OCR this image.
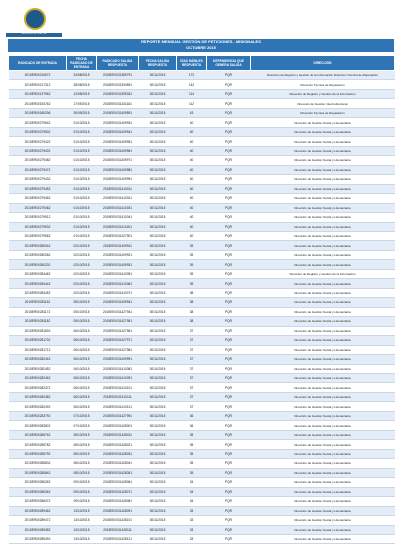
MINISTERIO DE JUSTICIA
REPORTE MENSUAL GESTIÓN DE PETICIONES - MISIONALES
OCTUBRE 2015
RADICADO DE ENTRADA	FECHA RADICADO DE ENTRADA	RADICADO SALIDA RESPUESTA	FECHA SALIDA RESPUESTA	DÍAS HÁBILES RESPUESTA	DEPENDENCIA QUE GENERA SALIDA	DIRECCIÓN
2015ER00215572	24/08/2015	2015EE0031389791	30/11/2015	172	PQR	Dirección de Registro y Gestión de la Información Dirección Técnica de Reparación
2015ER00217312	28/08/2015	2015EE0031394591	30/11/2015	142	PQR	Dirección Técnica de Reparación
2015ER00137962	12/08/2015	2015EE0031395331	30/11/2015	114	PQR	Dirección de Registro y Gestión de la Información
2015ER00154762	17/09/2015	2015EE0031341181	30/11/2015	112	PQR	Dirección de Gestión Interinstitucional
2015ER00180296	30/09/2015	2015EE0031409591	30/11/2015	43	PQR	Dirección Técnica de Reparación
2015ER00279542	01/10/2015	2015EE0031409931	30/11/2015	40	PQR	Dirección de Gestión Social y Humanitaria
2015ER00279502	01/10/2015	2015EE0031409941	30/11/2015	40	PQR	Dirección de Gestión Social y Humanitaria
2015ER00279422	01/10/2015	2015EE0031409951	30/11/2015	40	PQR	Dirección de Gestión Social y Humanitaria
2015ER00279402	01/10/2015	2015EE0031409961	30/11/2015	40	PQR	Dirección de Gestión Social y Humanitaria
2015ER00279482	01/10/2015	2015EE0031409971	30/11/2015	40	PQR	Dirección de Gestión Social y Humanitaria
2015ER00279472	01/10/2015	2015EE0031409981	30/11/2015	40	PQR	Dirección de Gestión Social y Humanitaria
2015ER00279432	01/10/2015	2015EE0031409991	30/11/2015	40	PQR	Dirección de Gestión Social y Humanitaria
2015ER00279452	01/10/2015	2015EE0031410011	30/11/2015	40	PQR	Dirección de Gestión Social y Humanitaria
2015ER00279462	01/10/2015	2015EE0031410021	30/11/2015	40	PQR	Dirección de Gestión Social y Humanitaria
2015ER00279482	01/10/2015	2015EE0031410031	30/11/2015	40	PQR	Dirección de Gestión Social y Humanitaria
2015ER00279512	01/10/2015	2015EE0031410041	30/11/2015	40	PQR	Dirección de Gestión Social y Humanitaria
2015ER00279532	01/10/2015	2015EE0031410201	30/11/2015	40	PQR	Dirección de Gestión Social y Humanitaria
2015ER00279562	01/10/2015	2015EE0031427901	30/11/2015	40	PQR	Dirección de Gestión Social y Humanitaria
2015ER00280042	02/10/2015	2015EE0031409911	30/11/2015	39	PQR	Dirección de Gestión Social y Humanitaria
2015ER00280082	02/10/2015	2015EE0031409921	30/11/2015	39	PQR	Dirección de Gestión Social y Humanitaria
2015ER00280202	02/10/2015	2015EE0031409931	30/11/2015	39	PQR	Dirección de Gestión Social y Humanitaria
2015ER00284462	02/10/2015	2015EE0031410051	30/11/2015	39	PQR	Dirección de Registro y Gestión de la Información
2015ER00284442	02/10/2015	2015EE0031410061	30/11/2015	39	PQR	Dirección de Gestión Social y Humanitaria
2015ER00284452	02/10/2015	2015EE0031410071	30/11/2015	38	PQR	Dirección de Gestión Social y Humanitaria
2015ER00281162	05/10/2015	2015EE0031409941	30/11/2015	38	PQR	Dirección de Gestión Social y Humanitaria
2015ER00281172	05/10/2015	2015EE0031427941	30/11/2015	38	PQR	Dirección de Gestión Social y Humanitaria
2015ER00281182	05/10/2015	2015EE0031427951	30/11/2015	38	PQR	Dirección de Gestión Social y Humanitaria
2015ER00281692	06/10/2015	2015EE0031427961	30/11/2015	37	PQR	Dirección de Gestión Social y Humanitaria
2015ER00281702	06/10/2015	2015EE0031427971	30/11/2015	37	PQR	Dirección de Gestión Social y Humanitaria
2015ER00281712	06/10/2015	2015EE0031427981	30/11/2015	37	PQR	Dirección de Gestión Social y Humanitaria
2015ER00282442	06/10/2015	2015EE0031409991	30/11/2015	37	PQR	Dirección de Gestión Social y Humanitaria
2015ER00282452	06/10/2015	2015EE0031410081	30/11/2015	37	PQR	Dirección de Gestión Social y Humanitaria
2015ER00282462	06/10/2015	2015EE0031410091	30/11/2015	37	PQR	Dirección de Gestión Social y Humanitaria
2015ER00282472	06/10/2015	2015EE0031410101	30/11/2015	37	PQR	Dirección de Gestión Social y Humanitaria
2015ER00282482	06/10/2015	2015EE0031410111	30/11/2015	37	PQR	Dirección de Gestión Social y Humanitaria
2015ER00282492	06/10/2015	2015EE0031410121	30/11/2015	37	PQR	Dirección de Gestión Social y Humanitaria
2015ER00283792	07/10/2015	2015EE0031427991	30/11/2015	36	PQR	Dirección de Gestión Social y Humanitaria
2015ER00283802	07/10/2015	2015EE0031428001	30/11/2015	36	PQR	Dirección de Gestión Social y Humanitaria
2015ER00285762	08/10/2015	2015EE0031428011	30/11/2015	35	PQR	Dirección de Gestión Social y Humanitaria
2015ER00285782	08/10/2015	2015EE0031428021	30/11/2015	35	PQR	Dirección de Gestión Social y Humanitaria
2015ER00285792	08/10/2015	2015EE0031428031	30/11/2015	35	PQR	Dirección de Gestión Social y Humanitaria
2015ER00285832	08/10/2015	2015EE0031428041	30/11/2015	35	PQR	Dirección de Gestión Social y Humanitaria
2015ER00285842	08/10/2015	2015EE0031428051	30/11/2015	35	PQR	Dirección de Gestión Social y Humanitaria
2015ER00286352	09/10/2015	2015EE0031428061	30/11/2015	34	PQR	Dirección de Gestión Social y Humanitaria
2015ER00286362	09/10/2015	2015EE0031428071	30/11/2015	34	PQR	Dirección de Gestión Social y Humanitaria
2015ER00286372	09/10/2015	2015EE0031428081	30/11/2015	34	PQR	Dirección de Gestión Social y Humanitaria
2015ER00289462	13/10/2015	2015EE0031428091	30/11/2015	33	PQR	Dirección de Gestión Social y Humanitaria
2015ER00289472	13/10/2015	2015EE0031428101	30/11/2015	33	PQR	Dirección de Gestión Social y Humanitaria
2015ER00289482	13/10/2015	2015EE0031428111	30/11/2015	33	PQR	Dirección de Gestión Social y Humanitaria
2015ER00289492	13/10/2015	2015EE0031428121	30/11/2015	33	PQR	Dirección de Gestión Social y Humanitaria
